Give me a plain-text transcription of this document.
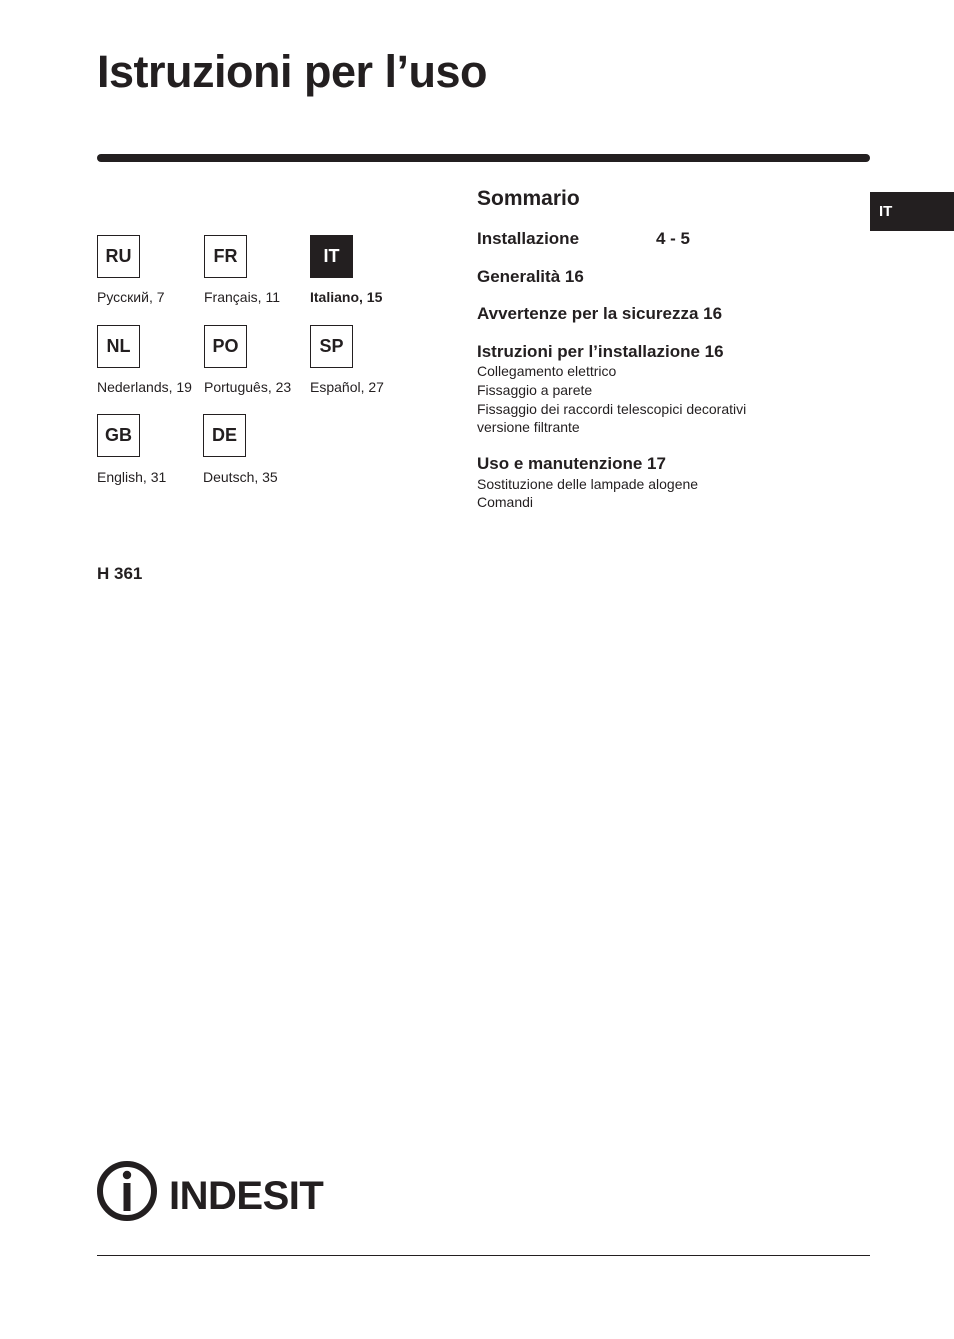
Istruzioni per l’uso
IT
RU
Русский, 7
FR
Français, 11
IT
Italiano, 15
NL
Nederlands, 19
PO
Português, 23
SP
Español, 27
GB
English, 31
DE
Deutsch, 35
H 361
Sommario
Installazione	4 - 5
Generalità 16
Avvertenze per la sicurezza 16
Istruzioni per l’installazione 16
Collegamento elettrico
Fissaggio a parete
Fissaggio dei raccordi telescopici decorativi
versione filtrante
Uso e manutenzione 17
Sostituzione delle lampade alogene
Comandi
INDESIT
